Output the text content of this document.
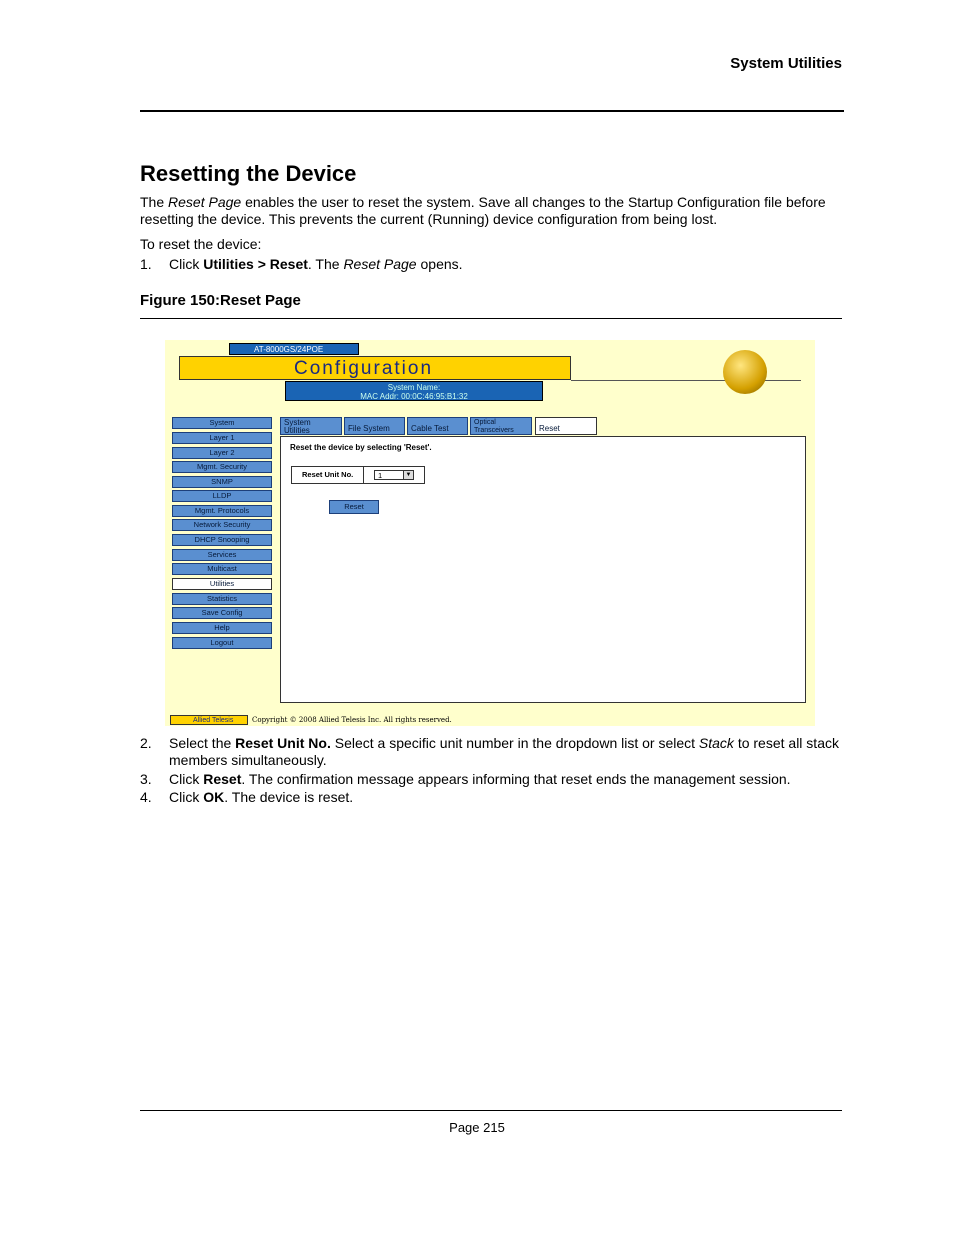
System Utilities
Resetting the Device
The Reset Page enables the user to reset the system. Save all changes to the Startup Configuration file before resetting the device. This prevents the current (Running) device configuration from being lost.
To reset the device:
1. Click Utilities > Reset. The Reset Page opens.
Figure 150:Reset Page
AT-8000GS/24POE
Configuration
System Name:
MAC Addr: 00:0C:46:95:B1:32
System
Layer 1
Layer 2
Mgmt. Security
SNMP
LLDP
Mgmt. Protocols
Network Security
DHCP Snooping
Services
Multicast
Utilities
Statistics
Save Config
Help
Logout
System Utilities	File System	Cable Test
Optical Transceivers	Reset
Reset the device by selecting 'Reset'.
Reset Unit No.	1	▼
Reset
Allied Telesis	Copyright © 2008 Allied Telesis Inc. All rights reserved.
2. Select the Reset Unit No. Select a specific unit number in the dropdown list or select Stack to reset all stack members simultaneously.
3. Click Reset. The confirmation message appears informing that reset ends the management session.
4. Click OK. The device is reset.
Page 215
